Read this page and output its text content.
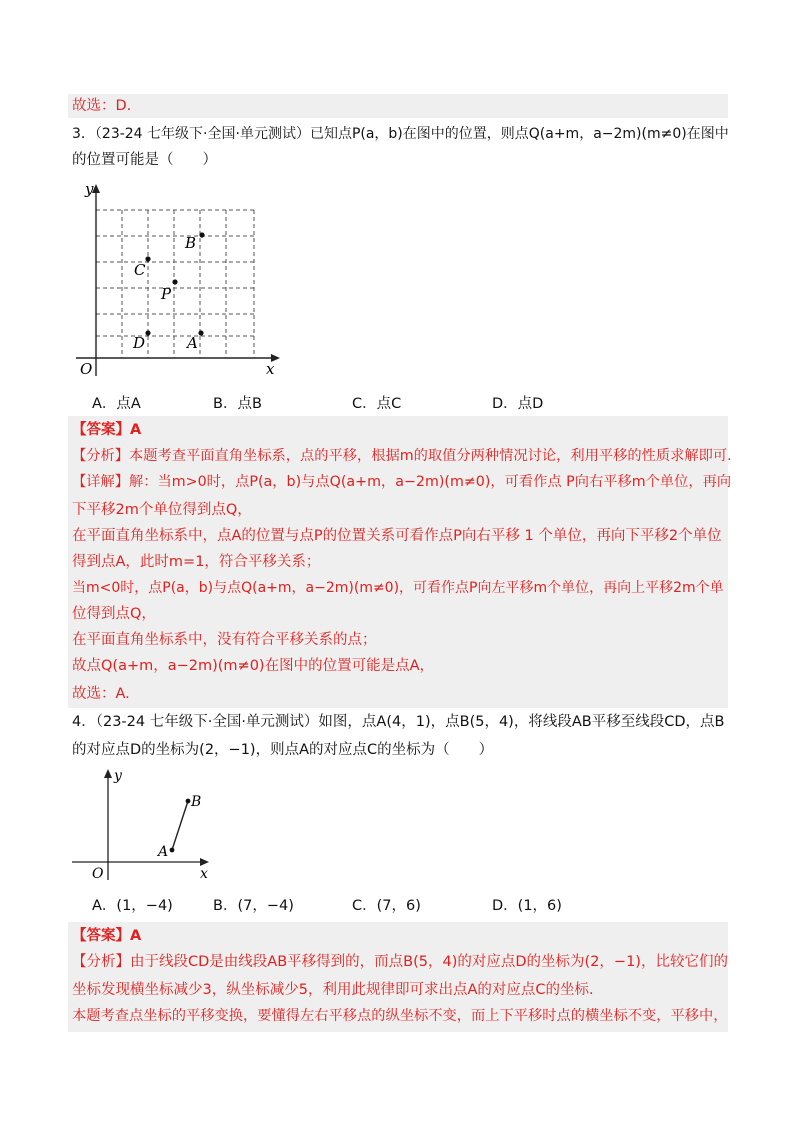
故选：D.
3．（23-24 七年级下·全国·单元测试）已知点P(a，b)在图中的位置，则点Q(a+m，a−2m)(m≠0)在图中
的位置可能是（　　）
y
x
O
B
C
P
D	A
A．点A	B．点B	C．点C	D．点D
【答案】A
【分析】本题考查平面直角坐标系，点的平移，根据m的取值分两种情况讨论，利用平移的性质求解即可.
【详解】解：当m>0时，点P(a，b)与点Q(a+m，a−2m)(m≠0)，可看作点 P向右平移m个单位，再向
下平移2m个单位得到点Q，
在平面直角坐标系中，点A的位置与点P的位置关系可看作点P向右平移 1 个单位，再向下平移2个单位
得到点A，此时m=1，符合平移关系；
当m<0时，点P(a，b)与点Q(a+m，a−2m)(m≠0)，可看作点P向左平移m个单位，再向上平移2m个单
位得到点Q，
在平面直角坐标系中，没有符合平移关系的点；
故点Q(a+m，a−2m)(m≠0)在图中的位置可能是点A，
故选：A.
4．（23-24 七年级下·全国·单元测试）如图，点A(4，1)，点B(5，4)，将线段AB平移至线段CD，点B
的对应点D的坐标为(2，−1)，则点A的对应点C的坐标为（　　）
y
x
O
A
B
A．(1，−4)	B．(7，−4)	C．(7，6)	D．(1，6)
【答案】A
【分析】由于线段CD是由线段AB平移得到的，而点B(5，4)的对应点D的坐标为(2，−1)，比较它们的
坐标发现横坐标减少3，纵坐标减少5，利用此规律即可求出点A的对应点C的坐标.
本题考查点坐标的平移变换，要懂得左右平移点的纵坐标不变，而上下平移时点的横坐标不变，平移中，
